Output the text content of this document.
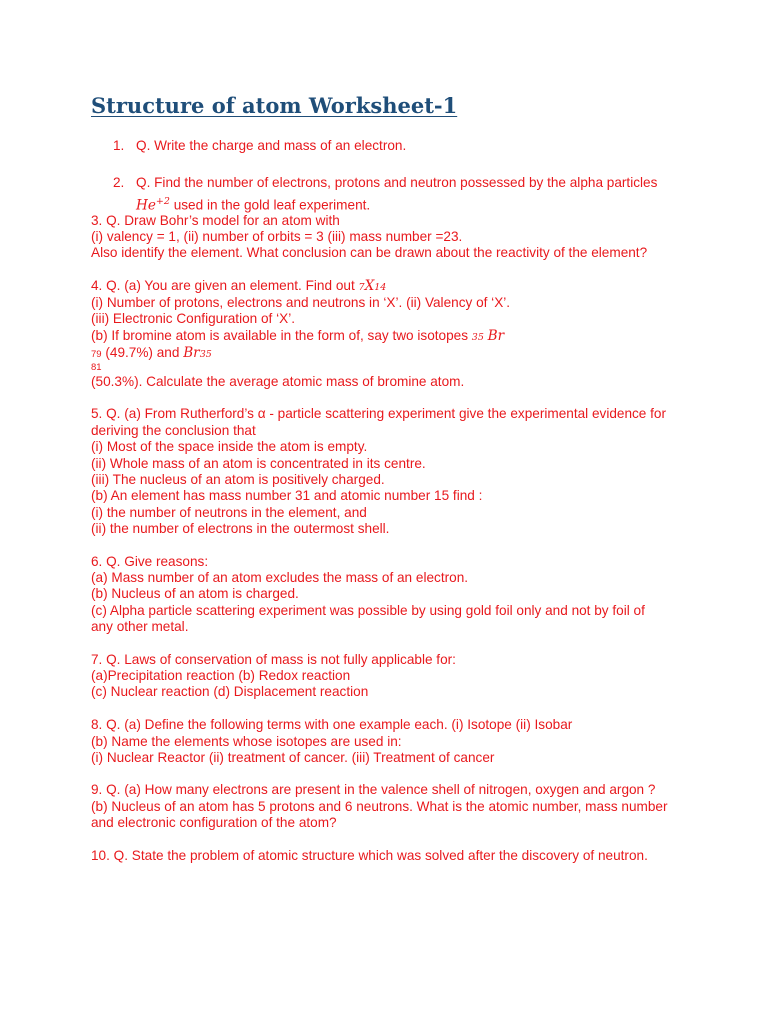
Structure of atom Worksheet-1
1. Q. Write the charge and mass of an electron.

2. Q. Find the number of electrons, protons and neutron possessed by the alpha particles

$He^{+2}$ used in the gold leaf experiment.

3. Q. Draw Bohr’s model for an atom with

(i) valency = 1, (ii) number of orbits = 3 (iii) mass number =23.

Also identify the element. What conclusion can be drawn about the reactivity of the element?

4. Q. (a) You are given an element. Find out 7X14

(i) Number of protons, electrons and neutrons in ‘X’. (ii) Valency of ‘X’.

(iii) Electronic Configuration of ‘X’.

(b) If bromine atom is available in the form of, say two isotopes 35 Br

79 (49.7%) and Br35

81

(50.3%). Calculate the average atomic mass of bromine atom.

5. Q. (a) From Rutherford’s α - particle scattering experiment give the experimental evidence for

deriving the conclusion that

(i) Most of the space inside the atom is empty.

(ii) Whole mass of an atom is concentrated in its centre.

(iii) The nucleus of an atom is positively charged.

(b) An element has mass number 31 and atomic number 15 find :

(i) the number of neutrons in the element, and

(ii) the number of electrons in the outermost shell.

6. Q. Give reasons:

(a) Mass number of an atom excludes the mass of an electron.

(b) Nucleus of an atom is charged.

(c) Alpha particle scattering experiment was possible by using gold foil only and not by foil of

any other metal.

7. Q. Laws of conservation of mass is not fully applicable for:

(a)Precipitation reaction (b) Redox reaction

(c) Nuclear reaction (d) Displacement reaction

8. Q. (a) Define the following terms with one example each. (i) Isotope (ii) Isobar

(b) Name the elements whose isotopes are used in:

(i) Nuclear Reactor (ii) treatment of cancer. (iii) Treatment of cancer

9. Q. (a) How many electrons are present in the valence shell of nitrogen, oxygen and argon ?

(b) Nucleus of an atom has 5 protons and 6 neutrons. What is the atomic number, mass number

and electronic configuration of the atom?

10. Q. State the problem of atomic structure which was solved after the discovery of neutron.
